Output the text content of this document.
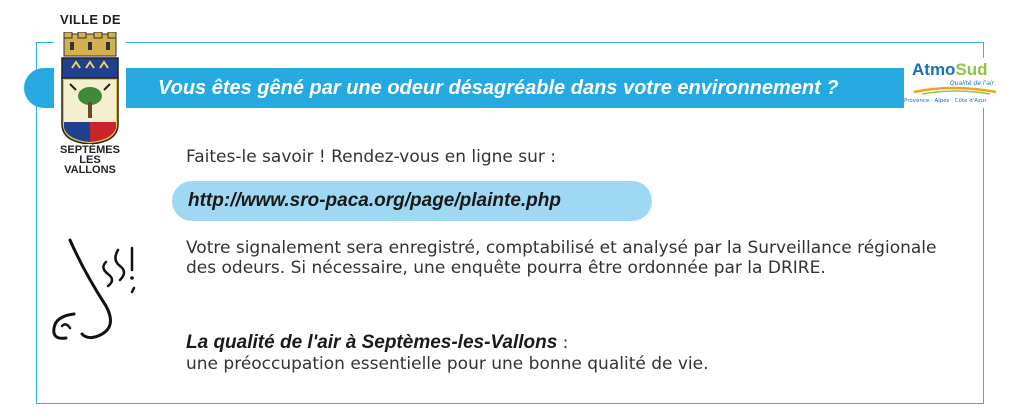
Vous êtes gêné par une odeur désagréable dans votre environnement ?
VILLE DE
SEPTÈMES
LES VALLONS
AtmoSud
Qualité de l'air
Provence · Alpes · Côte d'Azur
Faites-le savoir ! Rendez-vous en ligne sur :
http://www.sro-paca.org/page/plainte.php
Votre signalement sera enregistré, comptabilisé et analysé par la Surveillance régionale des odeurs. Si nécessaire, une enquête pourra être ordonnée par la DRIRE.
La qualité de l'air à Septèmes-les-Vallons :
une préoccupation essentielle pour une bonne qualité de vie.
